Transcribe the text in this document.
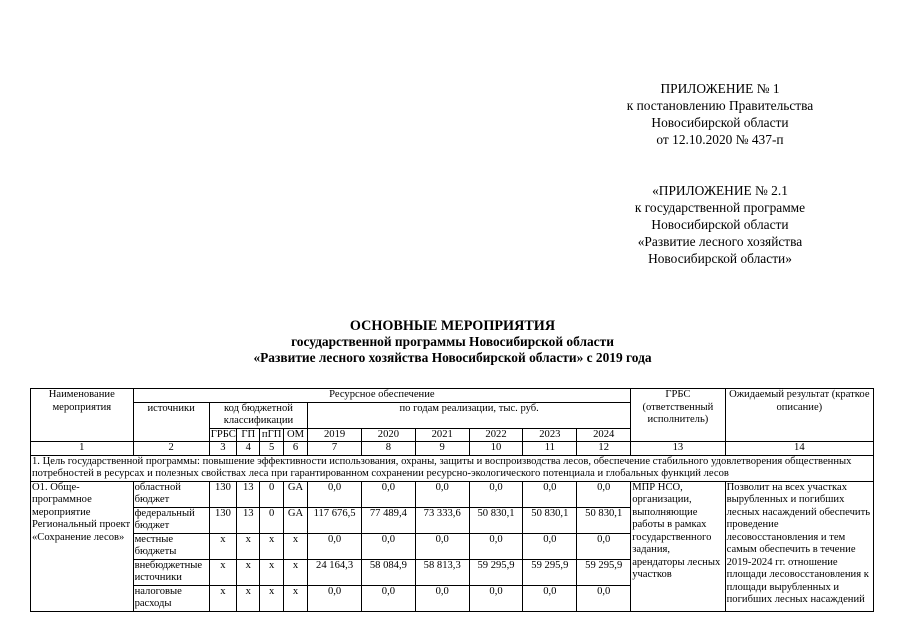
ПРИЛОЖЕНИЕ № 1
к постановлению Правительства
Новосибирской области
от 12.10.2020 № 437-п
«ПРИЛОЖЕНИЕ № 2.1
к государственной программе
Новосибирской области
«Развитие лесного хозяйства
Новосибирской области»
ОСНОВНЫЕ МЕРОПРИЯТИЯ
государственной программы Новосибирской области
«Развитие лесного хозяйства Новосибирской области» с 2019 года
Наименование мероприятия	Ресурсное обеспечение											ГРБС (ответственный исполнитель)	Ожидаемый результат (краткое описание)
	источники	код бюджетной классификации				по годам реализации, тыс. руб.							
		ГРБС	ГП	пГП	ОМ	2019	2020	2021	2022	2023	2024		
1	2	3	4	5	6	7	8	9	10	11	12	13	14
1. Цель государственной программы: повышение эффективности использования, охраны, защиты и воспроизводства лесов, обеспечение стабильного удовлетворения общественных потребностей в ресурсах и полезных свойствах леса при гарантированном сохранении ресурсно-экологического потенциала и глобальных функций лесов													
О1. Обще-программное мероприятие Региональный проект «Сохранение лесов»	областной бюджет	130	13	0	GA	0,0	0,0	0,0	0,0	0,0	0,0	МПР НСО, организации, выполняющие работы в рамках государственного задания, арендаторы лесных участков	Позволит на всех участках вырубленных и погибших лесных насаждений обеспечить проведение лесовосстановления и тем самым обеспечить в течение 2019-2024 гг. отношение площади лесовосстановления к площади вырубленных и погибших лесных насаждений
	федеральный бюджет	130	13	0	GA	117 676,5	77 489,4	73 333,6	50 830,1	50 830,1	50 830,1		
	местные бюджеты	x	x	x	x	0,0	0,0	0,0	0,0	0,0	0,0		
	внебюджетные источники	x	x	x	x	24 164,3	58 084,9	58 813,3	59 295,9	59 295,9	59 295,9		
	налоговые расходы	x	x	x	x	0,0	0,0	0,0	0,0	0,0	0,0		
